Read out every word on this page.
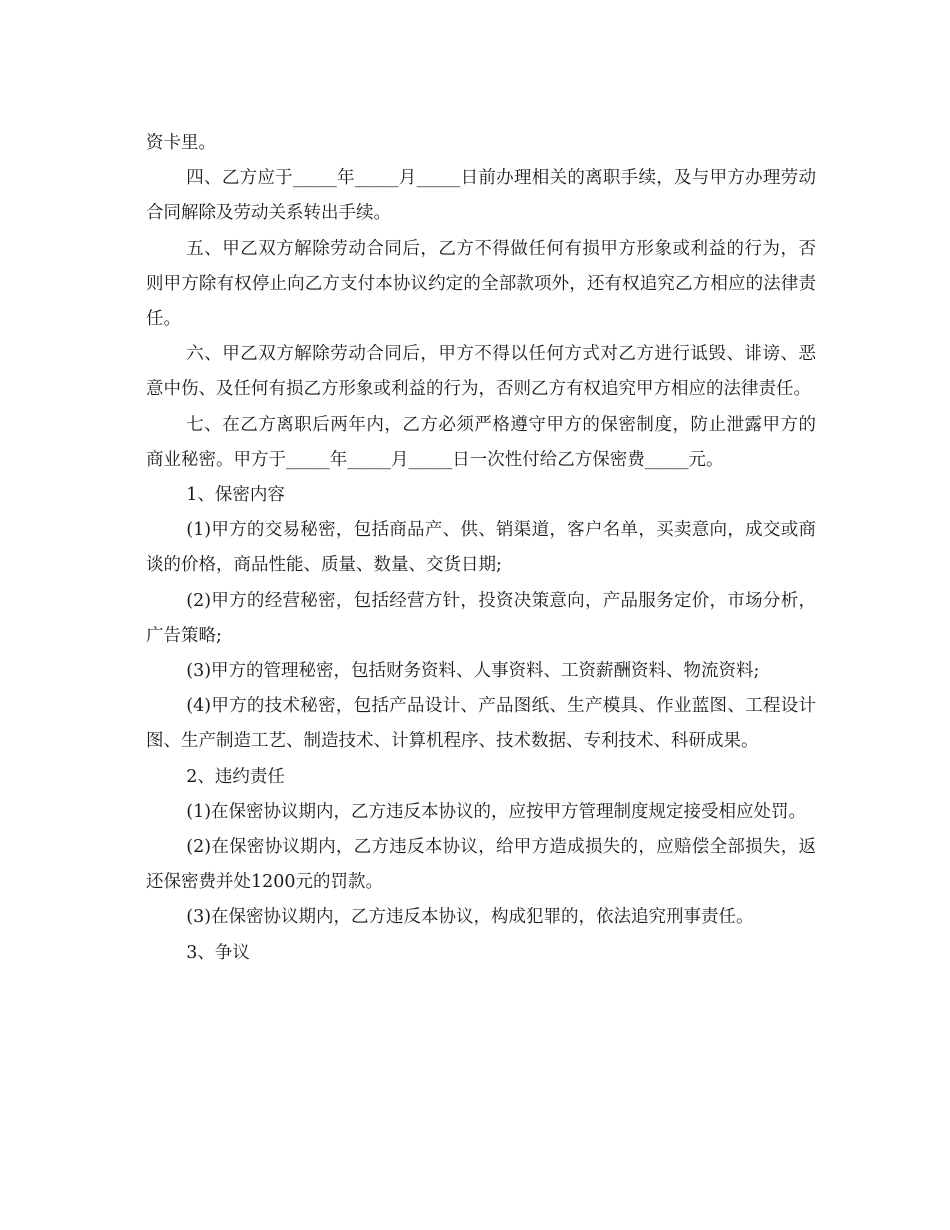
资卡里。

四、乙方应于_____年_____月_____日前办理相关的离职手续，及与甲方办理劳动合同解除及劳动关系转出手续。

五、甲乙双方解除劳动合同后，乙方不得做任何有损甲方形象或利益的行为，否则甲方除有权停止向乙方支付本协议约定的全部款项外，还有权追究乙方相应的法律责任。

六、甲乙双方解除劳动合同后，甲方不得以任何方式对乙方进行诋毁、诽谤、恶意中伤、及任何有损乙方形象或利益的行为，否则乙方有权追究甲方相应的法律责任。

七、在乙方离职后两年内，乙方必须严格遵守甲方的保密制度，防止泄露甲方的商业秘密。甲方于_____年_____月_____日一次性付给乙方保密费_____元。

1、保密内容

(1)甲方的交易秘密，包括商品产、供、销渠道，客户名单，买卖意向，成交或商谈的价格，商品性能、质量、数量、交货日期;

(2)甲方的经营秘密，包括经营方针，投资决策意向，产品服务定价，市场分析，广告策略;

(3)甲方的管理秘密，包括财务资料、人事资料、工资薪酬资料、物流资料;

(4)甲方的技术秘密，包括产品设计、产品图纸、生产模具、作业蓝图、工程设计图、生产制造工艺、制造技术、计算机程序、技术数据、专利技术、科研成果。

2、违约责任

(1)在保密协议期内，乙方违反本协议的，应按甲方管理制度规定接受相应处罚。

(2)在保密协议期内，乙方违反本协议，给甲方造成损失的，应赔偿全部损失，返还保密费并处1200元的罚款。

(3)在保密协议期内，乙方违反本协议，构成犯罪的，依法追究刑事责任。

3、争议
